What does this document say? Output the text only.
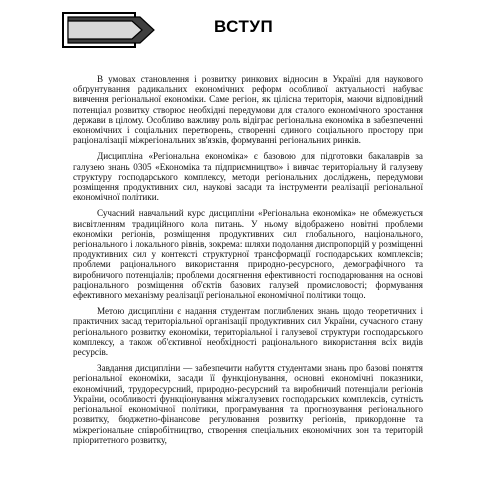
ВСТУП

В умовах становлення і розвитку ринкових відносин в Україні для наукового обґрунтування радикальних економічних реформ особливої актуальності набуває вивчення регіональної економіки. Саме регіон, як цілісна територія, маючи відповідний потенціал розвитку створює необхідні передумови для сталого економічного зростання держави в цілому. Особливо важливу роль відіграє регіональна економіка в забезпеченні економічних і соціальних перетворень, створенні єдиного соціального простору при раціоналізації міжрегіональних зв'язків, формуванні регіональних ринків.

Дисципліна «Регіональна економіка» є базовою для підготовки бакалаврів за галузею знань 0305 «Економіка та підприємництво» і вивчає територіальну й галузеву структуру господарського комплексу, методи регіональних досліджень, передумови розміщення продуктивних сил, наукові засади та інструменти реалізації регіональної економічної політики.

Сучасний навчальний курс дисципліни «Регіональна економіка» не обмежується висвітленням традиційного кола питань. У ньому відображено новітні проблеми економіки регіонів, розміщення продуктивних сил глобального, національного, регіонального і локального рівнів, зокрема: шляхи подолання диспропорцій у розміщенні продуктивних сил у контексті структурної трансформації господарських комплексів; проблеми раціонального використання природно-ресурсного, демографічного та виробничого потенціалів; проблеми досягнення ефективності господарювання на основі раціонального розміщення об'єктів базових галузей промисловості; формування ефективного механізму реалізації регіональної економічної політики тощо.

Метою дисципліни є надання студентам поглиблених знань щодо теоретичних і практичних засад територіальної організації продуктивних сил України, сучасного стану регіонального розвитку економіки, територіальної і галузевої структури господарського комплексу, а також об'єктивної необхідності раціонального використання всіх видів ресурсів.

Завдання дисципліни — забезпечити набуття студентами знань про базові поняття регіональної економіки, засади її функціонування, основні економічні показники, економічний, трудоресурсний, природно-ресурсний та виробничий потенціали регіонів України, особливості функціонування міжгалузевих господарських комплексів, сутність регіональної економічної політики, програмування та прогнозування регіонального розвитку, бюджетно-фінансове регулювання розвитку регіонів, прикордонне та міжрегіональне співробітництво, створення спеціальних економічних зон та територій пріоритетного розвитку,
